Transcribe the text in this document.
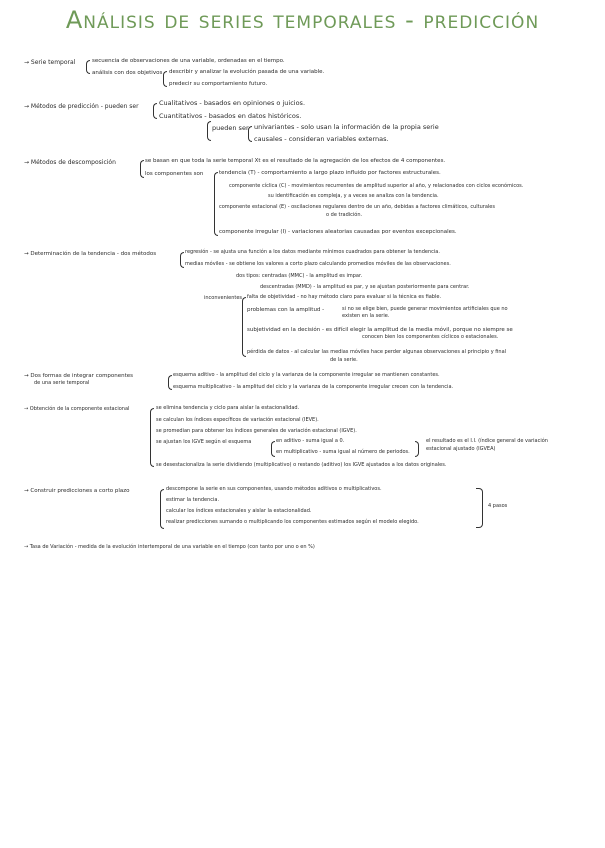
Análisis de series temporales - predicción
→ Serie temporal	secuencia de observaciones de una variable, ordenadas en el tiempo.
análisis con dos objetivos describir y analizar la evolución pasada de una variable.
predecir su comportamiento futuro.
→ Métodos de predicción - pueden ser	Cualitativos - basados en opiniones o juicios.
Cuantitativos - basados en datos históricos.
pueden ser univariantes - solo usan la información de la propia serie
causales - consideran variables externas.
→ Métodos de descomposición	se basan en que toda la serie temporal Xt es el resultado de la agregación de los efectos de 4 componentes.
los componentes son	tendencia (T) - comportamiento a largo plazo influido por factores estructurales.
componente cíclica (C) - movimientos recurrentes de amplitud superior al año, y relacionados con ciclos económicos.
su identificación es compleja, y a veces se analiza con la tendencia.
componente estacional (E) - oscilaciones regulares dentro de un año, debidas a factores climáticos, culturales
o de tradición.
componente irregular (I) - variaciones aleatorias causadas por eventos excepcionales.
→ Determinación de la tendencia - dos métodos	regresión - se ajusta una función a los datos mediante mínimos cuadrados para obtener la tendencia.
medias móviles - se obtiene los valores a corto plazo calculando promedios móviles de las observaciones.
dos tipos: centradas (MMC) - la amplitud es impar.
descentradas (MMD) - la amplitud es par, y se ajustan posteriormente para centrar.
inconvenientes falta de objetividad - no hay método claro para evaluar si la técnica es fiable.
problemas con la amplitud -	si no se elige bien, puede generar movimientos artificiales que no
existen en la serie.
subjetividad en la decisión - es difícil elegir la amplitud de la media móvil, porque no siempre se
conocen bien los componentes cíclicos o estacionales.
pérdida de datos - al calcular las medias móviles hace perder algunas observaciones al principio y final
de la serie.
→ Dos formas de integrar componentes
de una serie temporal
esquema aditivo - la amplitud del ciclo y la varianza de la componente irregular se mantienen constantes.
esquema multiplicativo - la amplitud del ciclo y la varianza de la componente irregular crecen con la tendencia.
→ Obtención de la componente estacional	se elimina tendencia y ciclo para aislar la estacionalidad.
se calculan los índices específicos de variación estacional (IEVE).
se promedian para obtener los índices generales de variación estacional (IGVE).
se ajustan los IGVE según el esquema	en aditivo - suma igual a 0.
en multiplicativo - suma igual al número de periodos.
el resultado es el I.I. (índice general de variación
estacional ajustado (IGVEA)
se desestacionaliza la serie dividiendo (multiplicativo) o restando (aditivo) los IGVE ajustados a los datos originales.
→ Construir predicciones a corto plazo	descompone la serie en sus componentes, usando métodos aditivos o multiplicativos.
estimar la tendencia.
calcular los índices estacionales y aislar la estacionalidad.
realizar predicciones sumando o multiplicando los componentes estimados según el modelo elegido.
4 pasos
→ Tasa de Variación - medida de la evolución intertemporal de una variable en el tiempo (con tanto por uno o en %)
